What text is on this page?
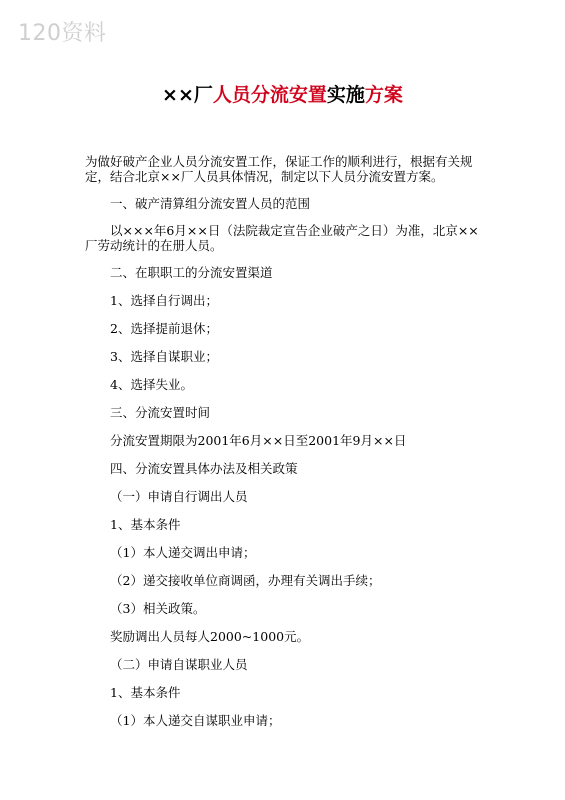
120资料
××厂人员分流安置实施方案

为做好破产企业人员分流安置工作，保证工作的顺利进行，根据有关规定，结合北京××厂人员具体情况，制定以下人员分流安置方案。

一、破产清算组分流安置人员的范围

以×××年6月××日（法院裁定宣告企业破产之日）为准，北京××厂劳动统计的在册人员。

二、在职职工的分流安置渠道

1、选择自行调出；

2、选择提前退休；

3、选择自谋职业；

4、选择失业。

三、分流安置时间

分流安置期限为2001年6月××日至2001年9月××日

四、分流安置具体办法及相关政策

（一）申请自行调出人员

1、基本条件

（1）本人递交调出申请；

（2）递交接收单位商调函，办理有关调出手续；

（3）相关政策。

奖励调出人员每人2000~1000元。

（二）申请自谋职业人员

1、基本条件

（1）本人递交自谋职业申请；
